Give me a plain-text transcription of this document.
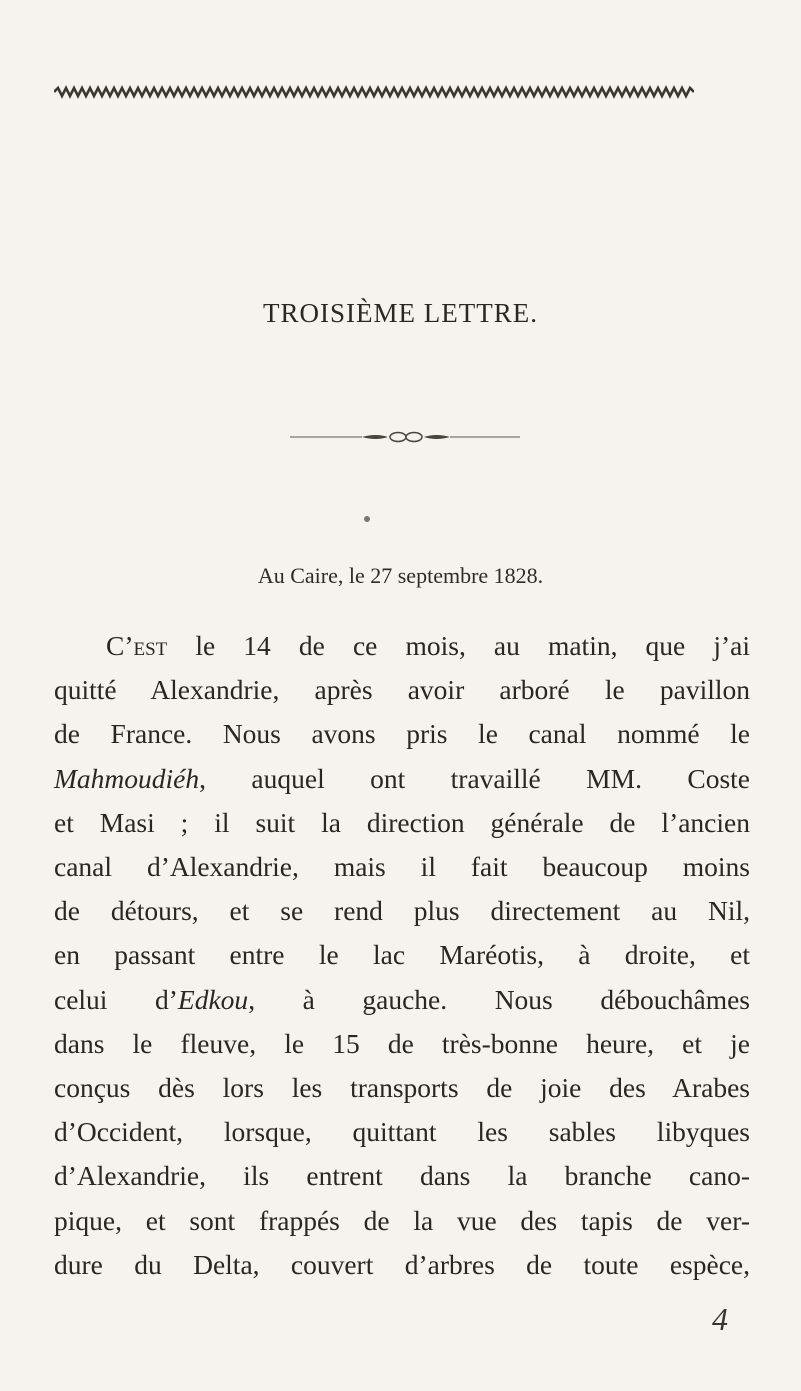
TROISIÈME LETTRE.
Au Caire, le 27 septembre 1828.
C’est le 14 de ce mois, au matin, que j’ai
quitté Alexandrie, après avoir arboré le pavillon
de France. Nous avons pris le canal nommé le
Mahmoudiéh, auquel ont travaillé MM. Coste
et Masi ; il suit la direction générale de l’ancien
canal d’Alexandrie, mais il fait beaucoup moins
de détours, et se rend plus directement au Nil,
en passant entre le lac Maréotis, à droite, et
celui d’Edkou, à gauche. Nous débouchâmes
dans le fleuve, le 15 de très-bonne heure, et je
conçus dès lors les transports de joie des Arabes
d’Occident, lorsque, quittant les sables libyques
d’Alexandrie, ils entrent dans la branche cano-
pique, et sont frappés de la vue des tapis de ver-
dure du Delta, couvert d’arbres de toute espèce,
4
